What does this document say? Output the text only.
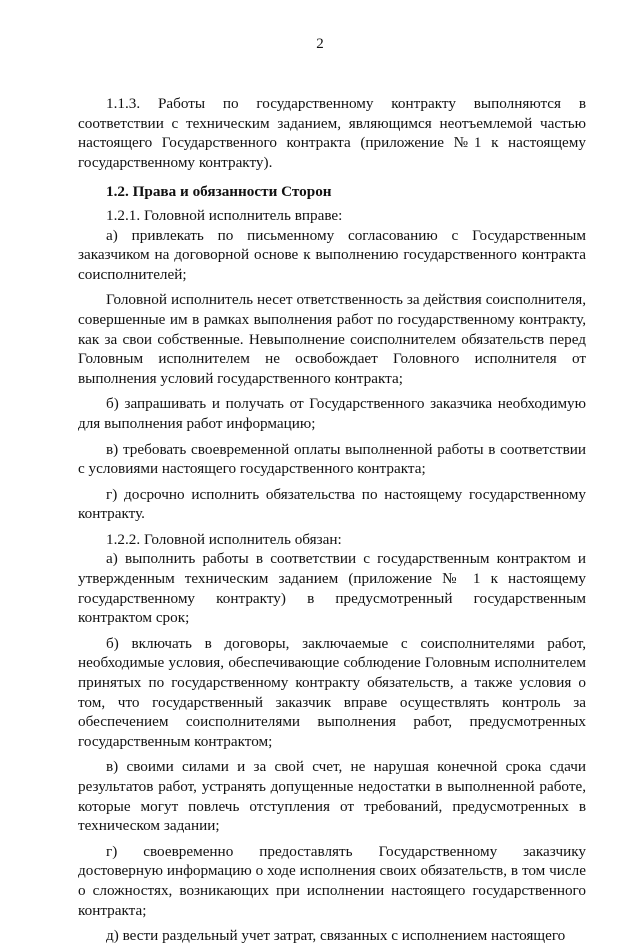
2

1.1.3. Работы по государственному контракту выполняются в соответствии с техническим заданием, являющимся неотъемлемой частью настоящего Государственного контракта (приложение №1 к настоящему государственному контракту).

1.2. Права и обязанности Сторон

1.2.1. Головной исполнитель вправе:

а) привлекать по письменному согласованию с Государственным заказчиком на договорной основе к выполнению государственного контракта соисполнителей;

Головной исполнитель несет ответственность за действия соисполнителя, совершенные им в рамках выполнения работ по государственному контракту, как за свои собственные. Невыполнение соисполнителем обязательств перед Головным исполнителем не освобождает Головного исполнителя от выполнения условий государственного контракта;

б) запрашивать и получать от Государственного заказчика необходимую для выполнения работ информацию;

в) требовать своевременной оплаты выполненной работы в соответствии с условиями настоящего государственного контракта;

г) досрочно исполнить обязательства по настоящему государственному контракту.

1.2.2. Головной исполнитель обязан:

а) выполнить работы в соответствии с государственным контрактом и утвержденным техническим заданием (приложение № 1 к настоящему государственному контракту) в предусмотренный государственным контрактом срок;

б) включать в договоры, заключаемые с соисполнителями работ, необходимые условия, обеспечивающие соблюдение Головным исполнителем принятых по государственному контракту обязательств, а также условия о том, что государственный заказчик вправе осуществлять контроль за обеспечением соисполнителями выполнения работ, предусмотренных государственным контрактом;

в) своими силами и за свой счет, не нарушая конечной срока сдачи результатов работ, устранять допущенные недостатки в выполненной работе, которые могут повлечь отступления от требований, предусмотренных в техническом задании;

г) своевременно предоставлять Государственному заказчику достоверную информацию о ходе исполнения своих обязательств, в том числе о сложностях, возникающих при исполнении настоящего государственного контракта;

д) вести раздельный учет затрат, связанных с исполнением настоящего
